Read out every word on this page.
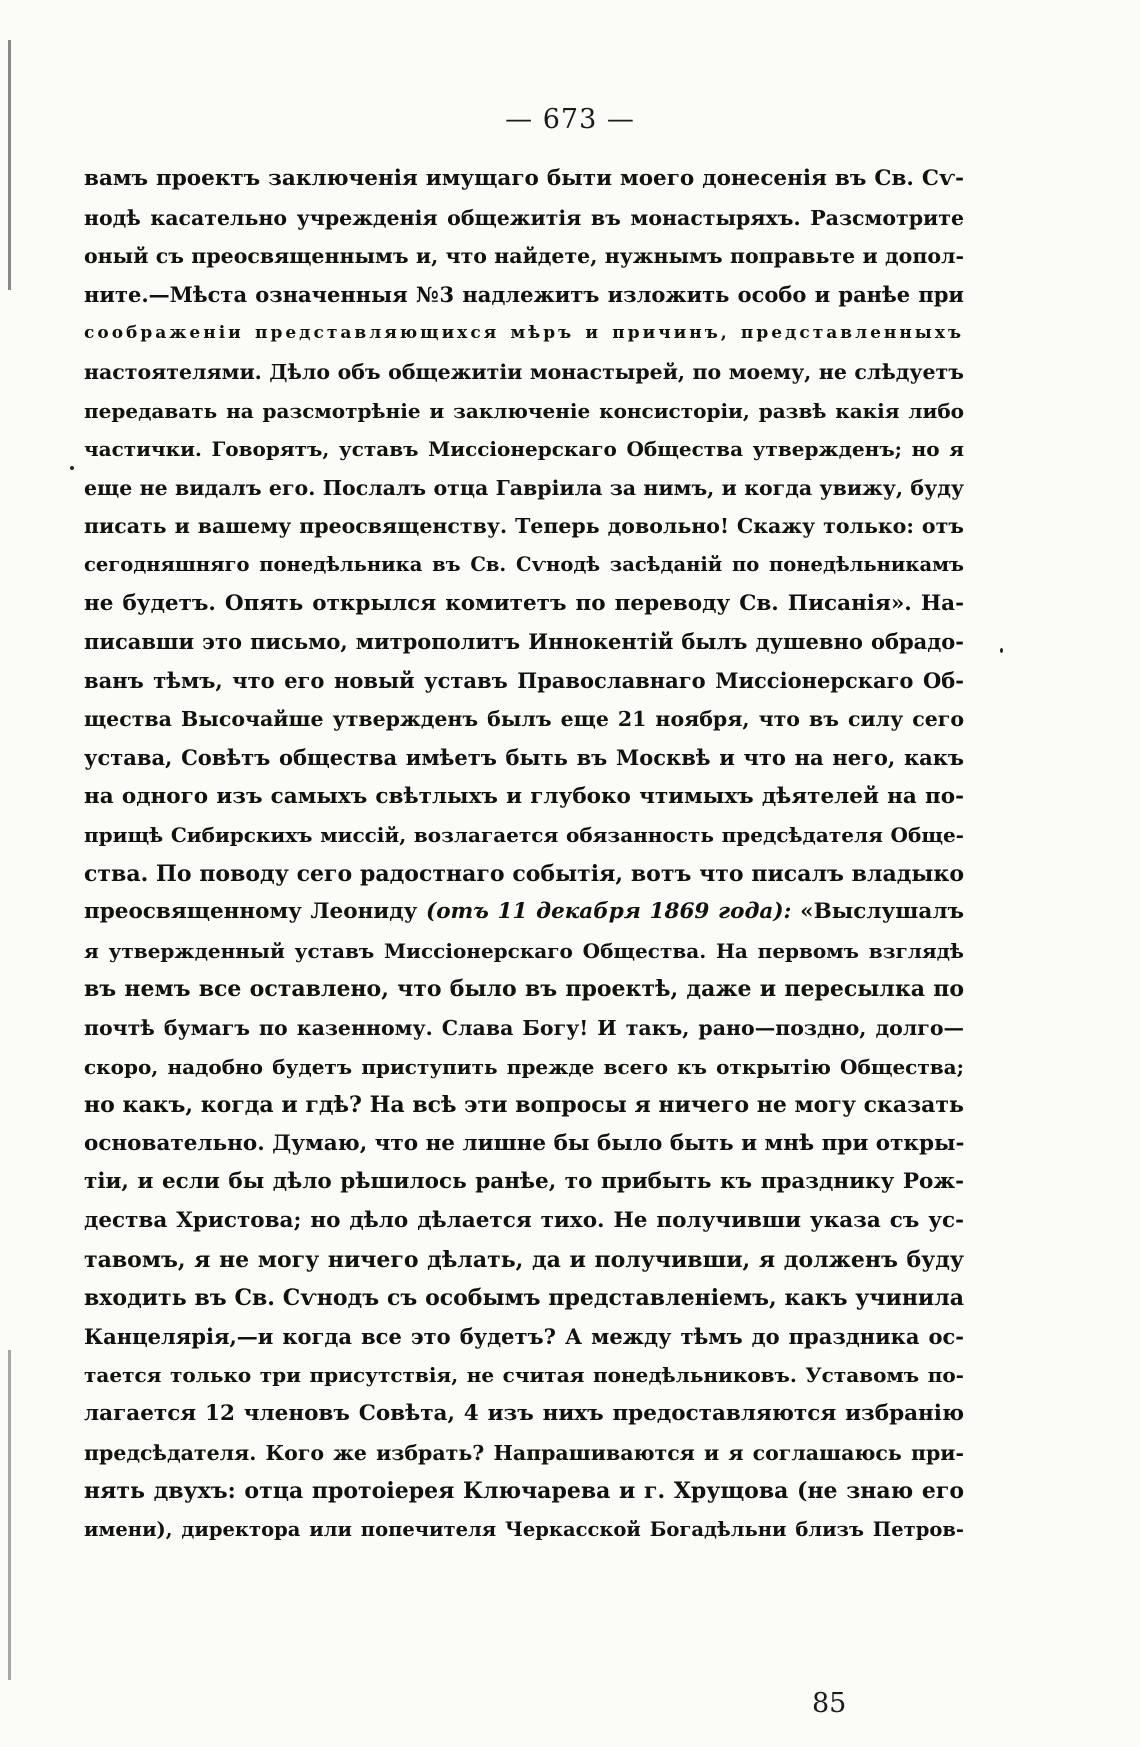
— 673 —
вамъ проектъ заключенія имущаго быти моего донесенія въ Св. Сѵ-
нодѣ касательно учрежденія общежитія въ монастыряхъ. Разсмотрите
оный съ преосвященнымъ и, что найдете, нужнымъ поправьте и допол-
ните.—Мѣста означенныя №3 надлежитъ изложить особо и ранѣе при
соображеніи представляющихся мѣръ и причинъ, представленныхъ
настоятелями. Дѣло объ общежитіи монастырей, по моему, не слѣдуетъ
передавать на разсмотрѣніе и заключеніе консисторіи, развѣ какія либо
частички. Говорятъ, уставъ Миссіонерскаго Общества утвержденъ; но я
еще не видалъ его. Послалъ отца Гавріила за нимъ, и когда увижу, буду
писать и вашему преосвященству. Теперь довольно! Скажу только: отъ
сегодняшняго понедѣльника въ Св. Сѵнодѣ засѣданій по понедѣльникамъ
не будетъ. Опять открылся комитетъ по переводу Св. Писанія». На-
писавши это письмо, митрополитъ Иннокентій былъ душевно обрадо-
ванъ тѣмъ, что его новый уставъ Православнаго Миссіонерскаго Об-
щества Высочайше утвержденъ былъ еще 21 ноября, что въ силу сего
устава, Совѣтъ общества имѣетъ быть въ Москвѣ и что на него, какъ
на одного изъ самыхъ свѣтлыхъ и глубоко чтимыхъ дѣятелей на по-
прищѣ Сибирскихъ миссій, возлагается обязанность предсѣдателя Обще-
ства. По поводу сего радостнаго событія, вотъ что писалъ владыко
преосвященному Леониду (отъ 11 декабря 1869 года): «Выслушалъ
я утвержденный уставъ Миссіонерскаго Общества. На первомъ взглядѣ
въ немъ все оставлено, что было въ проектѣ, даже и пересылка по
почтѣ бумагъ по казенному. Слава Богу! И такъ, рано—поздно, долго—
скоро, надобно будетъ приступить прежде всего къ открытію Общества;
но какъ, когда и гдѣ? На всѣ эти вопросы я ничего не могу сказать
основательно. Думаю, что не лишне бы было быть и мнѣ при откры-
тіи, и если бы дѣло рѣшилось ранѣе, то прибыть къ празднику Рож-
дества Христова; но дѣло дѣлается тихо. Не получивши указа съ ус-
тавомъ, я не могу ничего дѣлать, да и получивши, я долженъ буду
входить въ Св. Сѵнодъ съ особымъ представленіемъ, какъ учинила
Канцелярія,—и когда все это будетъ? А между тѣмъ до праздника ос-
тается только три присутствія, не считая понедѣльниковъ. Уставомъ по-
лагается 12 членовъ Совѣта, 4 изъ нихъ предоставляются избранію
предсѣдателя. Кого же избрать? Напрашиваются и я соглашаюсь при-
нять двухъ: отца протоіерея Ключарева и г. Хрущова (не знаю его
имени), директора или попечителя Черкасской Богадѣльни близъ Петров-
85
